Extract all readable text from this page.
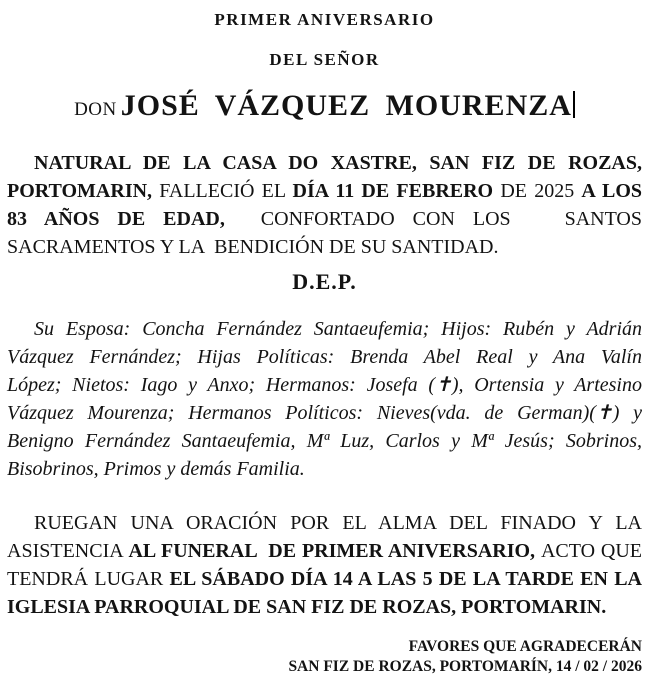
PRIMER ANIVERSARIO
DEL SEÑOR
DON JOSÉ VÁZQUEZ MOURENZA
NATURAL DE LA CASA DO XASTRE, SAN FIZ DE ROZAS,
PORTOMARIN, FALLECIÓ EL DÍA 11 DE FEBRERO DE 2025 A LOS
83 AÑOS DE EDAD,  CONFORTADO CON LOS   SANTOS
SACRAMENTOS Y LA  BENDICIÓN DE SU SANTIDAD.
D.E.P.
Su Esposa: Concha Fernández Santaeufemia; Hijos: Rubén y Adrián
Vázquez Fernández; Hijas Políticas: Brenda Abel Real y Ana Valín
López; Nietos: Iago y Anxo; Hermanos: Josefa (✝), Ortensia y Artesino
Vázquez Mourenza; Hermanos Políticos: Nieves(vda. de German)(✝) y
Benigno Fernández Santaeufemia, Mª Luz, Carlos y Mª Jesús; Sobrinos,
Bisobrinos, Primos y demás Familia.
RUEGAN UNA ORACIÓN POR EL ALMA DEL FINADO Y LA
ASISTENCIA AL FUNERAL  DE PRIMER ANIVERSARIO, ACTO QUE
TENDRÁ LUGAR EL SÁBADO DÍA 14 A LAS 5 DE LA TARDE EN LA
IGLESIA PARROQUIAL DE SAN FIZ DE ROZAS, PORTOMARIN.
FAVORES QUE AGRADECERÁN
SAN FIZ DE ROZAS, PORTOMARÍN, 14 / 02 / 2026
